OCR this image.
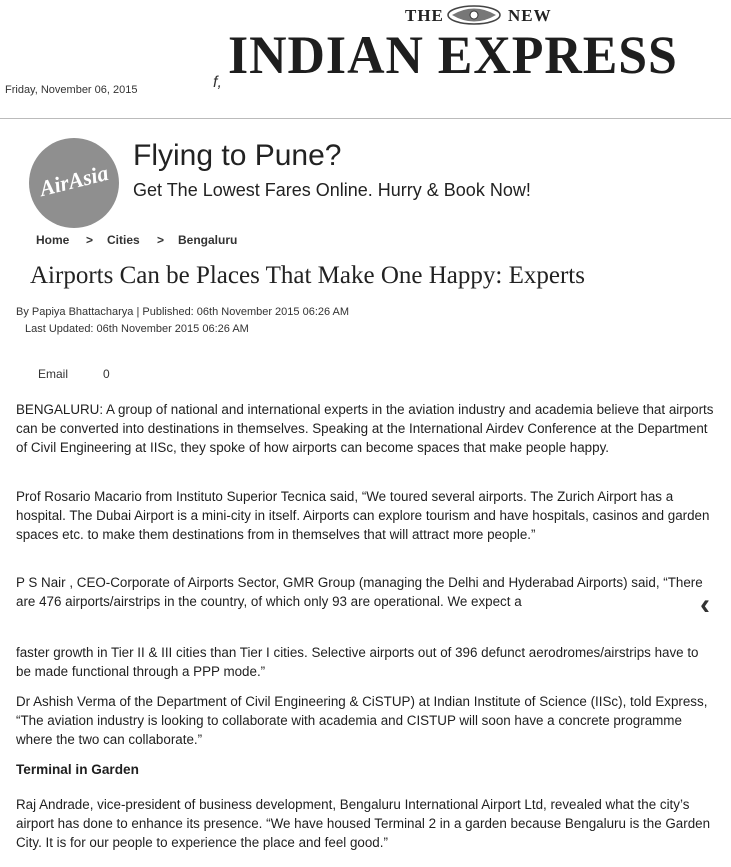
THE	NEW
INDIAN EXPRESS
Friday, November 06, 2015	f,
AirAsia
Flying to Pune?
Get The Lowest Fares Online. Hurry & Book Now!
Home > Cities > Bengaluru
Airports Can be Places That Make One Happy: Experts
By Papiya Bhattacharya | Published: 06th November 2015 06:26 AM
Last Updated: 06th November 2015 06:26 AM
Email	0
BENGALURU: A group of national and international experts in the aviation industry and academia believe that airports can be converted into destinations in themselves. Speaking at the International Airdev Conference at the Department of Civil Engineering at IISc, they spoke of how airports can become spaces that make people happy.
Prof Rosario Macario from Instituto Superior Tecnica said, “We toured several airports. The Zurich Airport has a hospital. The Dubai Airport is a mini-city in itself. Airports can explore tourism and have hospitals, casinos and garden spaces etc. to make them destinations from in themselves that will attract more people.”
P S Nair , CEO-Corporate of Airports Sector, GMR Group (managing the Delhi and Hyderabad Airports) said, “There are 476 airports/airstrips in the country, of which only 93 are operational. We expect a
faster growth in Tier II & III cities than Tier I cities. Selective airports out of 396 defunct aerodromes/airstrips have to be made functional through a PPP mode.”
Dr Ashish Verma of the Department of Civil Engineering & CiSTUP) at Indian Institute of Science (IISc), told Express, “The aviation industry is looking to collaborate with academia and CISTUP will soon have a concrete programme where the two can collaborate.”
Terminal in Garden
Raj Andrade, vice-president of business development, Bengaluru International Airport Ltd, revealed what the city’s airport has done to enhance its presence. “We have housed Terminal 2 in a garden because Bengaluru is the Garden City. It is for our people to experience the place and feel good.”
‹
